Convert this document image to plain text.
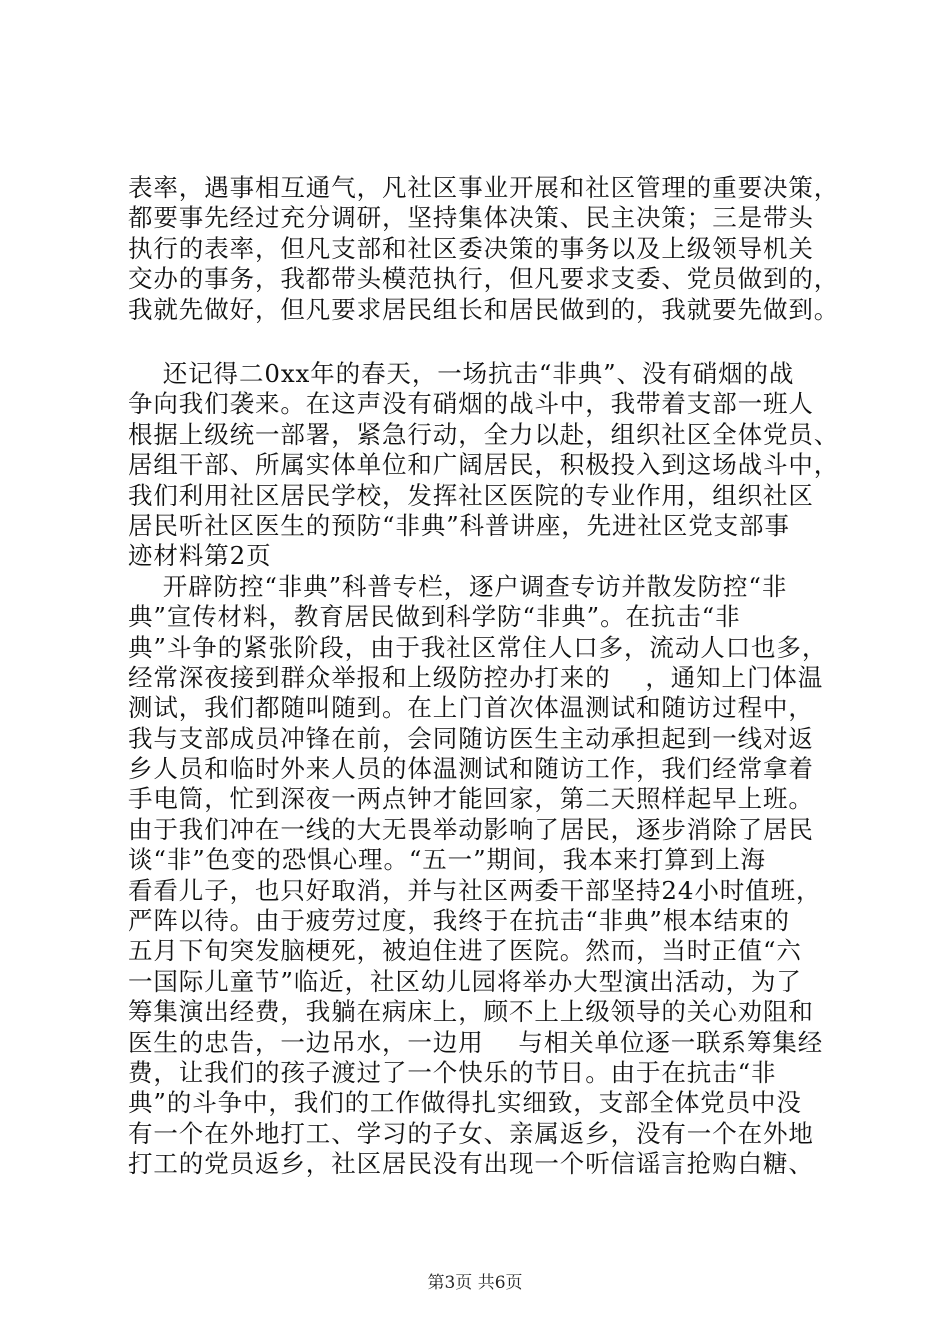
表率，遇事相互通气，凡社区事业开展和社区管理的重要决策，
都要事先经过充分调研，坚持集体决策、民主决策；三是带头
执行的表率，但凡支部和社区委决策的事务以及上级领导机关
交办的事务，我都带头模范执行，但凡要求支委、党员做到的，
我就先做好，但凡要求居民组长和居民做到的，我就要先做到。
还记得二0xx年的春天，一场抗击“非典”、没有硝烟的战
争向我们袭来。在这声没有硝烟的战斗中，我带着支部一班人
根据上级统一部署，紧急行动，全力以赴，组织社区全体党员、
居组干部、所属实体单位和广阔居民，积极投入到这场战斗中，
我们利用社区居民学校，发挥社区医院的专业作用，组织社区
居民听社区医生的预防“非典”科普讲座，先进社区党支部事
迹材料第2页
开辟防控“非典”科普专栏，逐户调查专访并散发防控“非
典”宣传材料，教育居民做到科学防“非典”。在抗击“非
典”斗争的紧张阶段，由于我社区常住人口多，流动人口也多，
经常深夜接到群众举报和上级防控办打来的    ，通知上门体温
测试，我们都随叫随到。在上门首次体温测试和随访过程中，
我与支部成员冲锋在前，会同随访医生主动承担起到一线对返
乡人员和临时外来人员的体温测试和随访工作，我们经常拿着
手电筒，忙到深夜一两点钟才能回家，第二天照样起早上班。
由于我们冲在一线的大无畏举动影响了居民，逐步消除了居民
谈“非”色变的恐惧心理。“五一”期间，我本来打算到上海
看看儿子，也只好取消，并与社区两委干部坚持24小时值班，
严阵以待。由于疲劳过度，我终于在抗击“非典”根本结束的
五月下旬突发脑梗死，被迫住进了医院。然而，当时正值“六
一国际儿童节”临近，社区幼儿园将举办大型演出活动，为了
筹集演出经费，我躺在病床上，顾不上上级领导的关心劝阻和
医生的忠告，一边吊水，一边用    与相关单位逐一联系筹集经
费，让我们的孩子渡过了一个快乐的节日。由于在抗击“非
典”的斗争中，我们的工作做得扎实细致，支部全体党员中没
有一个在外地打工、学习的子女、亲属返乡，没有一个在外地
打工的党员返乡，社区居民没有出现一个听信谣言抢购白糖、
第3页 共6页
